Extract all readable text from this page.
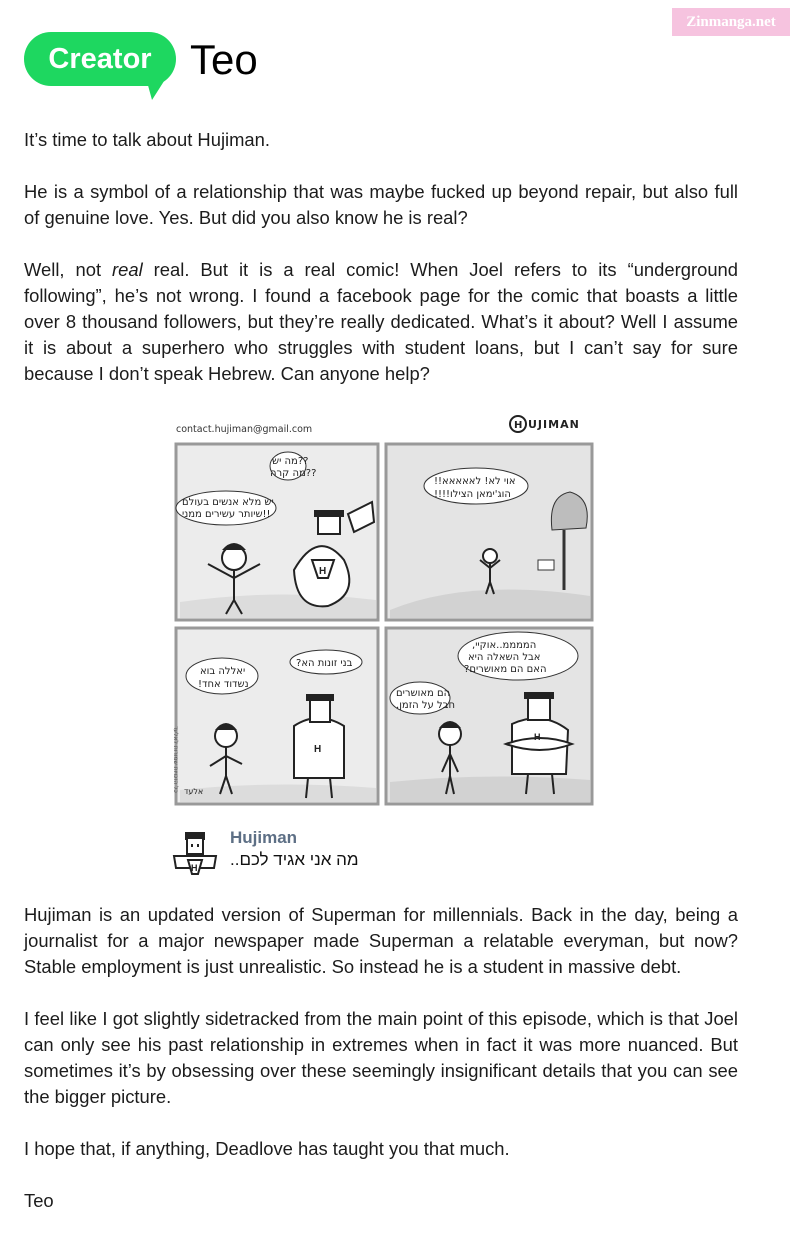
Zinmanga.net
Creator Teo

It’s time to talk about Hujiman.

He is a symbol of a relationship that was maybe fucked up beyond repair, but also full of genuine love. Yes. But did you also know he is real?

Well, not real real. But it is a real comic! When Joel refers to its “underground following”, he’s not wrong. I found a facebook page for the comic that boasts a little over 8 thousand followers, but they’re really dedicated. What’s it about? Well I assume it is about a superhero who struggles with student loans, but I can’t say for sure because I don’t speak Hebrew. Can anyone help?

contact.hujiman@gmail.com	H UJIMAN
מה יש??
מה קרה??
יש מלא אנשים בעולם
שיותר עשירים ממני!!
H
!!אוי לא! לאאאאא
!!!!הוג'ימאן הצילו
יאללה בוא
!נשדוד אחד
?בני זונות הא
H
אלעד
,הממממ..אוקיי
אבל השאלה היא
?האם הם מאושרים
הם מאושרים
.חבל על הזמן
H
כל הזכויות שמורות לאלעד
H
Hujiman
מה אני אגיד לכם..

Hujiman is an updated version of Superman for millennials. Back in the day, being a journalist for a major newspaper made Superman a relatable everyman, but now? Stable employment is just unrealistic. So instead he is a student in massive debt.

I feel like I got slightly sidetracked from the main point of this episode, which is that Joel can only see his past relationship in extremes when in fact it was more nuanced. But sometimes it’s by obsessing over these seemingly insignificant details that you can see the bigger picture.

I hope that, if anything, Deadlove has taught you that much.

Teo
